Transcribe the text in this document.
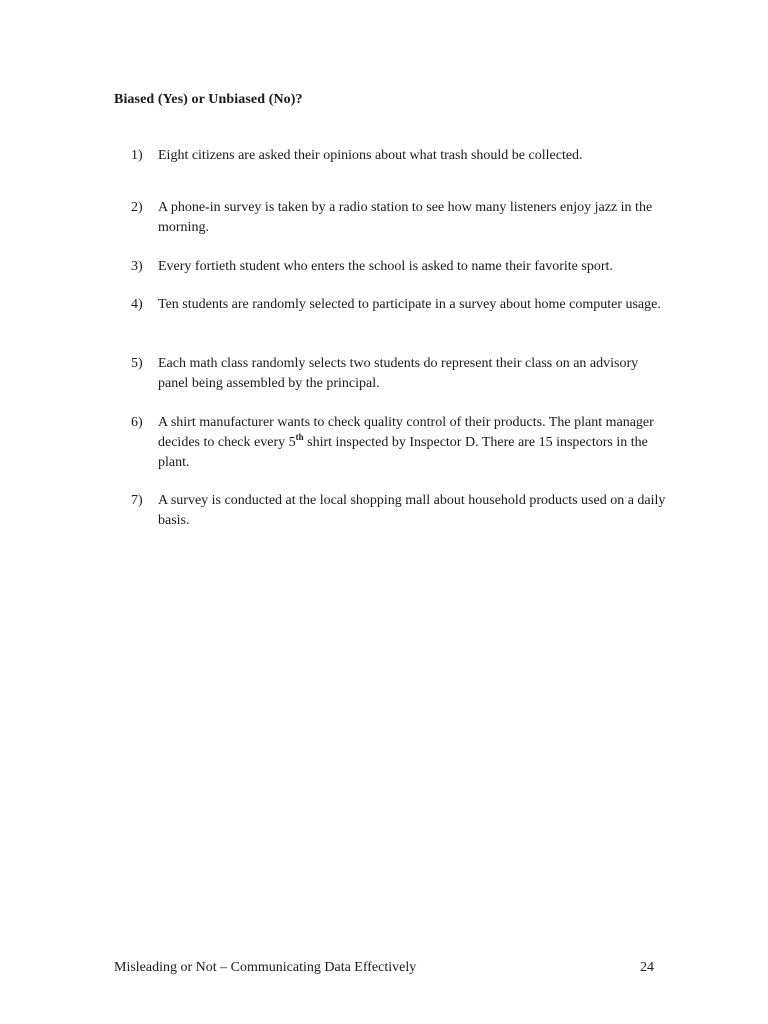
Biased (Yes) or Unbiased (No)?
1) Eight citizens are asked their opinions about what trash should be collected.
2) A phone-in survey is taken by a radio station to see how many listeners enjoy jazz in the morning.
3) Every fortieth student who enters the school is asked to name their favorite sport.
4) Ten students are randomly selected to participate in a survey about home computer usage.
5) Each math class randomly selects two students do represent their class on an advisory panel being assembled by the principal.
6) A shirt manufacturer wants to check quality control of their products. The plant manager decides to check every 5th shirt inspected by Inspector D. There are 15 inspectors in the plant.
7) A survey is conducted at the local shopping mall about household products used on a daily basis.
Misleading or Not – Communicating Data Effectively	24
